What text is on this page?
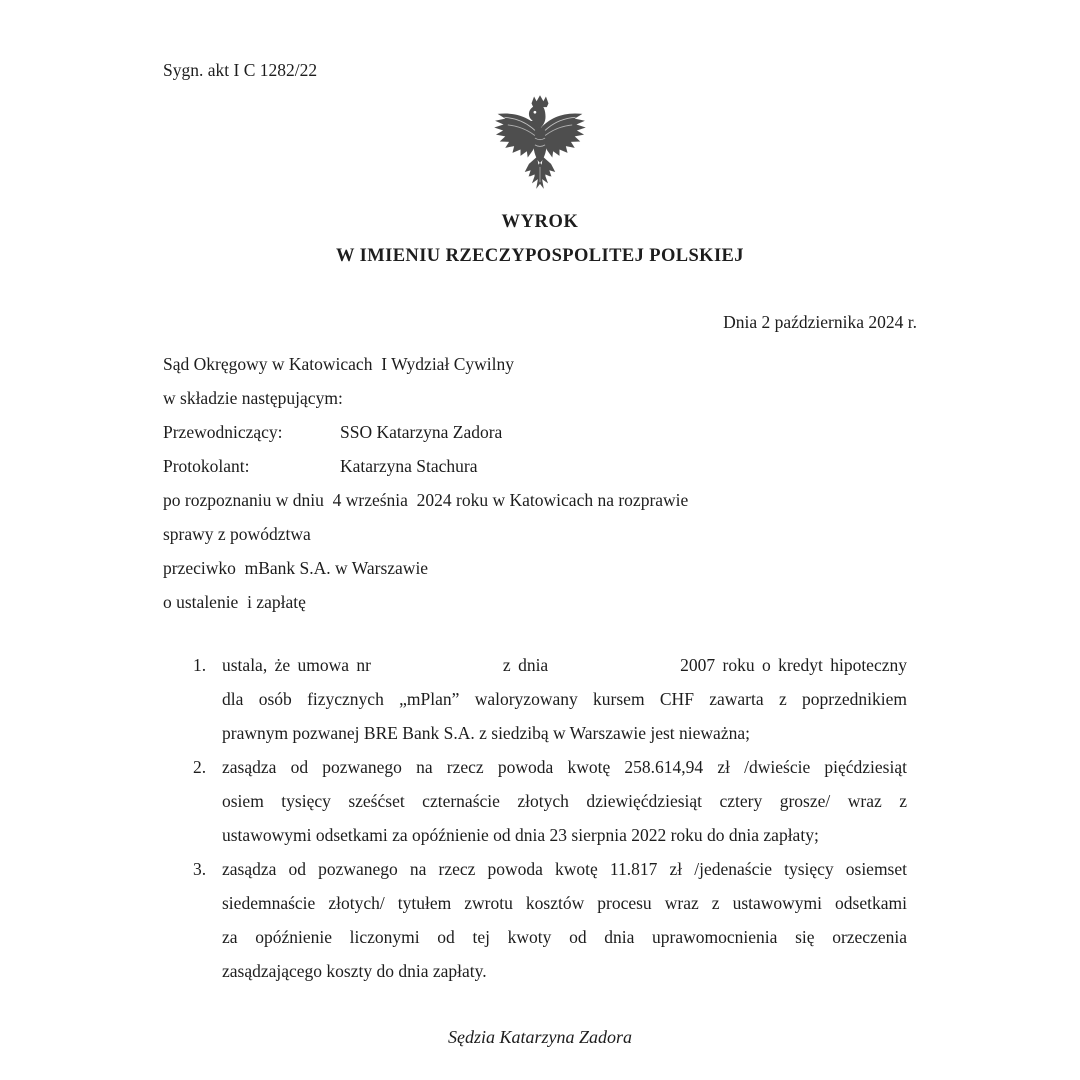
Sygn. akt I C 1282/22
WYROK
W IMIENIU RZECZYPOSPOLITEJ POLSKIEJ
Dnia 2 października 2024 r.
Sąd Okręgowy w Katowicach  I Wydział Cywilny
w składzie następującym:
Przewodniczący:	SSO Katarzyna Zadora
Protokolant:	Katarzyna Stachura
po rozpoznaniu w dniu  4 września  2024 roku w Katowicach na rozprawie
sprawy z powództwa
przeciwko  mBank S.A. w Warszawie
o ustalenie  i zapłatę
1. ustala, że umowa nr	z dnia	2007 roku o kredyt hipoteczny
dla osób fizycznych „mPlan” waloryzowany kursem CHF zawarta z poprzednikiem
prawnym pozwanej BRE Bank S.A. z siedzibą w Warszawie jest nieważna;
2. zasądza od pozwanego na rzecz powoda kwotę 258.614,94 zł /dwieście pięćdziesiąt
osiem tysięcy sześćset czternaście złotych dziewięćdziesiąt cztery grosze/ wraz z
ustawowymi odsetkami za opóźnienie od dnia 23 sierpnia 2022 roku do dnia zapłaty;
3. zasądza od pozwanego na rzecz powoda kwotę 11.817 zł /jedenaście tysięcy osiemset
siedemnaście złotych/ tytułem zwrotu kosztów procesu wraz z ustawowymi odsetkami
za opóźnienie liczonymi od tej kwoty od dnia uprawomocnienia się orzeczenia
zasądzającego koszty do dnia zapłaty.
Sędzia Katarzyna Zadora
